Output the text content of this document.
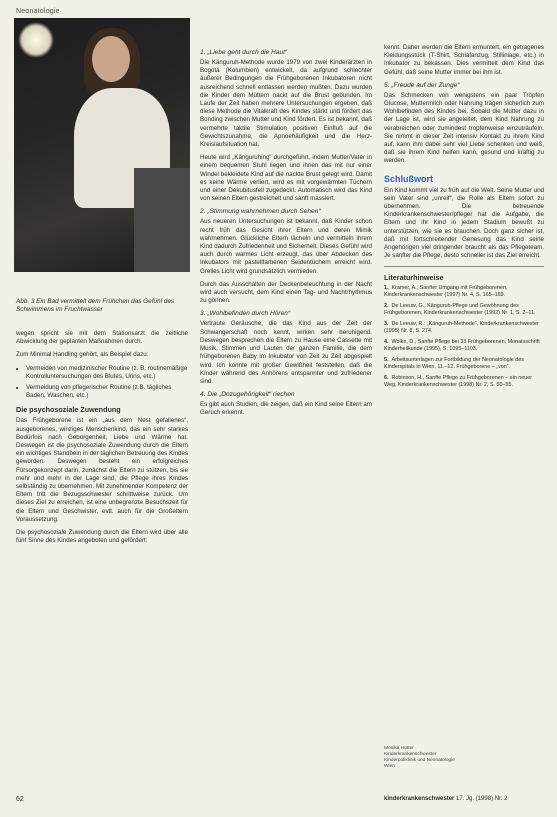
Neonatologie
Abb. 3 Ein Bad vermittelt dem Frühchen das Gefühl des Schwimmens im Fruchtwasser

wegen spricht sie mit dem Stationsarzt die zeitliche Abwicklung der geplanten Maßnahmen durch.

Zum Minimal Handling gehört, als Beispiel dazu:

• Vermeiden von medizinischer Routine (z. B. routinemäßige Kontrolluntersuchungen des Blutes, Urins, etc.)
• Vermeidung von pflegerischer Routine (z.B. tägliches Baden, Waschen, etc.)
Die psychosoziale Zuwendung

Das Frühgeborene ist ein „aus dem Nest gefallenes“, ausgeborenes, winziges Menschenkind, das ein sehr starkes Bedürfnis nach Geborgenheit, Liebe und Wärme hat. Deswegen ist die psychosoziale Zuwendung durch die Eltern ein wichtiges Standbein in der täglichen Betreuung des Kindes geworden. Deswegen besteht ein erfolgreiches Fürsorgekonzept darin, zunächst die Eltern zu stützen, bis sie mehr und mehr in der Lage sind, die Pflege ihres Kindes selbständig zu übernehmen. Mit zunehmender Kompetenz der Eltern tritt die Bezugsschwester schrittweise zurück. Um dieses Ziel zu erreichen, ist eine unbegrenzte Besuchszeit für die Eltern und Geschwister, evtl. auch für die Großeltern Voraussetzung.

Die psychosoziale Zuwendung durch die Eltern wird über alle fünf Sinne des Kindes angeboten und gefördert:

1. „Liebe geht durch die Haut“

Die Känguruh-Methode wurde 1979 von zwei Kinderärzten in Bogotá (Kolumbien) entwickelt, da aufgrund schlechter äußerer Bedingungen die Frühgeborenen Inkubatoren nicht ausreichend schnell entlassen werden mußten. Dazu wurden die Kinder dem Müttern nackt auf die Brust gebunden. Im Laufe der Zeit haben mehrere Untersuchungen ergeben, daß diese Methode die Vitalkraft des Kindes stärkt und fördert das Bonding zwischen Mutter und Kind fördert. Es ist bekannt, daß vermehrte taktile Stimulation positiven Einfluß auf die Gewichtszunahme, die Apnoehäufigkeit und die Herz-Kreislaufsituation hat.

Heute wird „Känguruhing“ durchgeführt, indem Mutter/Vater in einem bequemen Stuhl liegen und ihnen das mit nur einer Windel bekleidete Kind auf die nackte Brust gelegt wird. Damit es keine Wärme verliert, wird es mit vorgewärmten Tüchern und einer Dekubitusfell zugedeckt. Automatisch wird das Kind von seinen Eltern gestreichelt und sanft massiert.

2. „Stimmung wahrnehmen durch Sehen“

Aus neueren Untersuchungen ist bekannt, daß Kinder schon recht früh das Gesicht ihrer Eltern und deren Mimik wahrnehmen. Glückliche Eltern lächeln und vermitteln ihrem Kind dadurch Zufriedenheit und Sicherheit. Dieses Gefühl wird auch durch warmes Licht erzeugt, das über Abdecken des Inkubators mit pastellfarbenen Seidentüchern erreicht wird. Grelles Licht wird grundsätzlich vermieden.

Durch das Ausschalten der Deckenbeleuchtung in der Nacht wird auch versucht, dem Kind einen Tag- und Nachtrhythmus zu gönnen.

3. „Wohlbefinden durch Hören“

Vertraute Geräusche, die das Kind aus der Zeit der Schwangerschaft noch kennt, wirken sehr beruhigend. Deswegen besprechen die Eltern zu Hause eine Cassette mit Musik, Stimmen und Lauten der ganzen Familie, die dem frühgeborenen Baby im Inkubator von Zeit zu Zeit abgespielt wird. Ich konnte mit großer Gewißheit feststellen, daß die Kinder während des Anhörens entspannter und zufriedener sind.

4. Die „Dozugehörigkeit“ riechen

Es gibt auch Studien, die zeigen, daß ein Kind seine Eltern am Geruch erkennt.

kennt. Daher werden die Eltern ermuntert, ein getragenes Kleidungsstück (T-Shirt, Schlafanzug, Stillinlage, etc.) in Inkubator zu bekassen. Dies vermittelt dem Kind das Gefühl, daß seine Mutter immer bei ihm ist.

5. „Freude auf der Zunge“

Das Schmecken von wenigstens ein paar Tröpfen Glucose, Muttermilch oder Nahrung trägen sicherlich zum Wohlbefinden des Kindes bei. Sobald die Mutter dazu in der Lage ist, wird sie angeleitet, dem Kind Nahrung zu verabreichen oder zumindest tropfenweise einzuträufeln. Sie nimmt in dieser Zeit intensiv Kontakt zu ihrem Kind auf, kann ihm dabei sehr viel Liebe schenken und weiß, daß sie ihrem Kind helfen kann, gesund und kräftig zu werden.

Schlußwort

Ein Kind kommt viel zu früh auf die Welt. Seine Mutter und sein Vater sind „unreif“, die Rolle als Eltern sofort zu übernehmen. Die betreuende Kinderkrankenschwester/pfleger hat die Aufgabe, die Eltern und ihr Kind in jedem Stadium bewußt zu unterstützen, wie sie es brauchen. Doch ganz sicher ist, daß mit fortschreitender Genesung das Kind seine Angehörigen viel dringender braucht als das Pflegeteam. Je sanfter die Pflege, desto schneller ist das Ziel erreicht.

Literaturhinweise
1. Kramer, A., Sanfter Umgang mit Frühgeborenen, Kinderkrankenschwester (1997) Nr. 4, S. 165–169.
2. De Leeuw, G., Känguruh-Pflege und Gewöhnung des Frühgeborenen, Kinderkrankenschwester (1992) Nr. 1, S. 2–11.
3. De Leeuw, R.: „Känguruh-Methode“, Kinderkrankenschwester (1995) Nr. 8, S. 274.
4. Wolke, D., Sanfte Pflege bei 33 Frühgeborenen, Monatsschrift Kinderheilkunde (1995), S. 1095–1103.
5. Arbeitsunterlagen zur Fortbildung der Neonatologie des Kinderspitals in Wien, 11.–12. Frühgeborene – „von“.
6. Robinson, H., Sanfte Pflege zu Frühgeborenen – ein neuer Weg, Kinderkrankenschwester (1998) Nr. 2, S. 50–55.
Monika Hutter
Kinderkrankenschwester
Kinderpoliklinik und Neonatologie
Wien
62	kinderkrankenschwester 17. Jg. (1998) Nr. 2
